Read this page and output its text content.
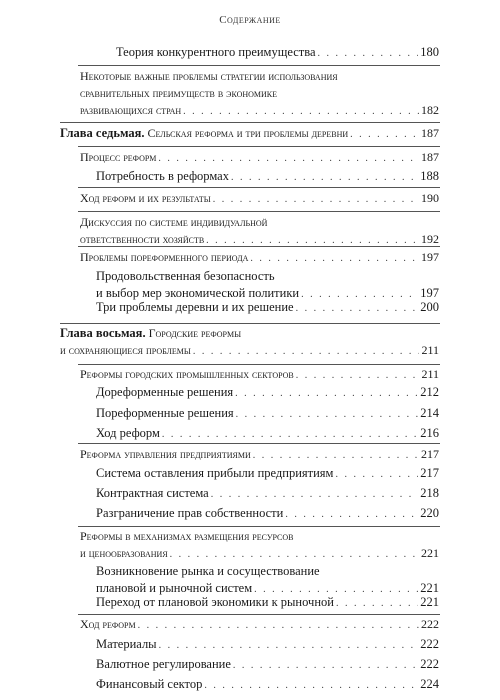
Содержание
Теория конкурентного преимущества . . .	180
Некоторые важные проблемы стратегии использования
сравнительных преимуществ в экономике
развивающихся стран . . .	182
Глава седьмая. Сельская реформа и три проблемы деревни . . .	187
Процесс реформ . . .	187
Потребность в реформах . . .	188
Ход реформ и их результаты . . .	190
Дискуссия по системе индивидуальной
ответственности хозяйств . . .	192
Проблемы пореформенного периода . . .	197
Продовольственная безопасность
и выбор мер экономической политики . . .	197
Три проблемы деревни и их решение . . .	200
Глава восьмая. Городские реформы
и сохраняющиеся проблемы . . .	211
Реформы городских промышленных секторов . . .	211
Дореформенные решения . . .	212
Пореформенные решения . . .	214
Ход реформ . . .	216
Реформа управления предприятиями . . .	217
Система оставления прибыли предприятиям . . .	217
Контрактная система . . .	218
Разграничение прав собственности . . .	220
Реформы в механизмах размещения ресурсов
и ценообразования . . .	221
Возникновение рынка и сосуществование
плановой и рыночной систем . . .	221
Переход от плановой экономики к рыночной . . .	221
Ход реформ . . .	222
Материалы . . .	222
Валютное регулирование . . .	222
Финансовый сектор . . .	224
